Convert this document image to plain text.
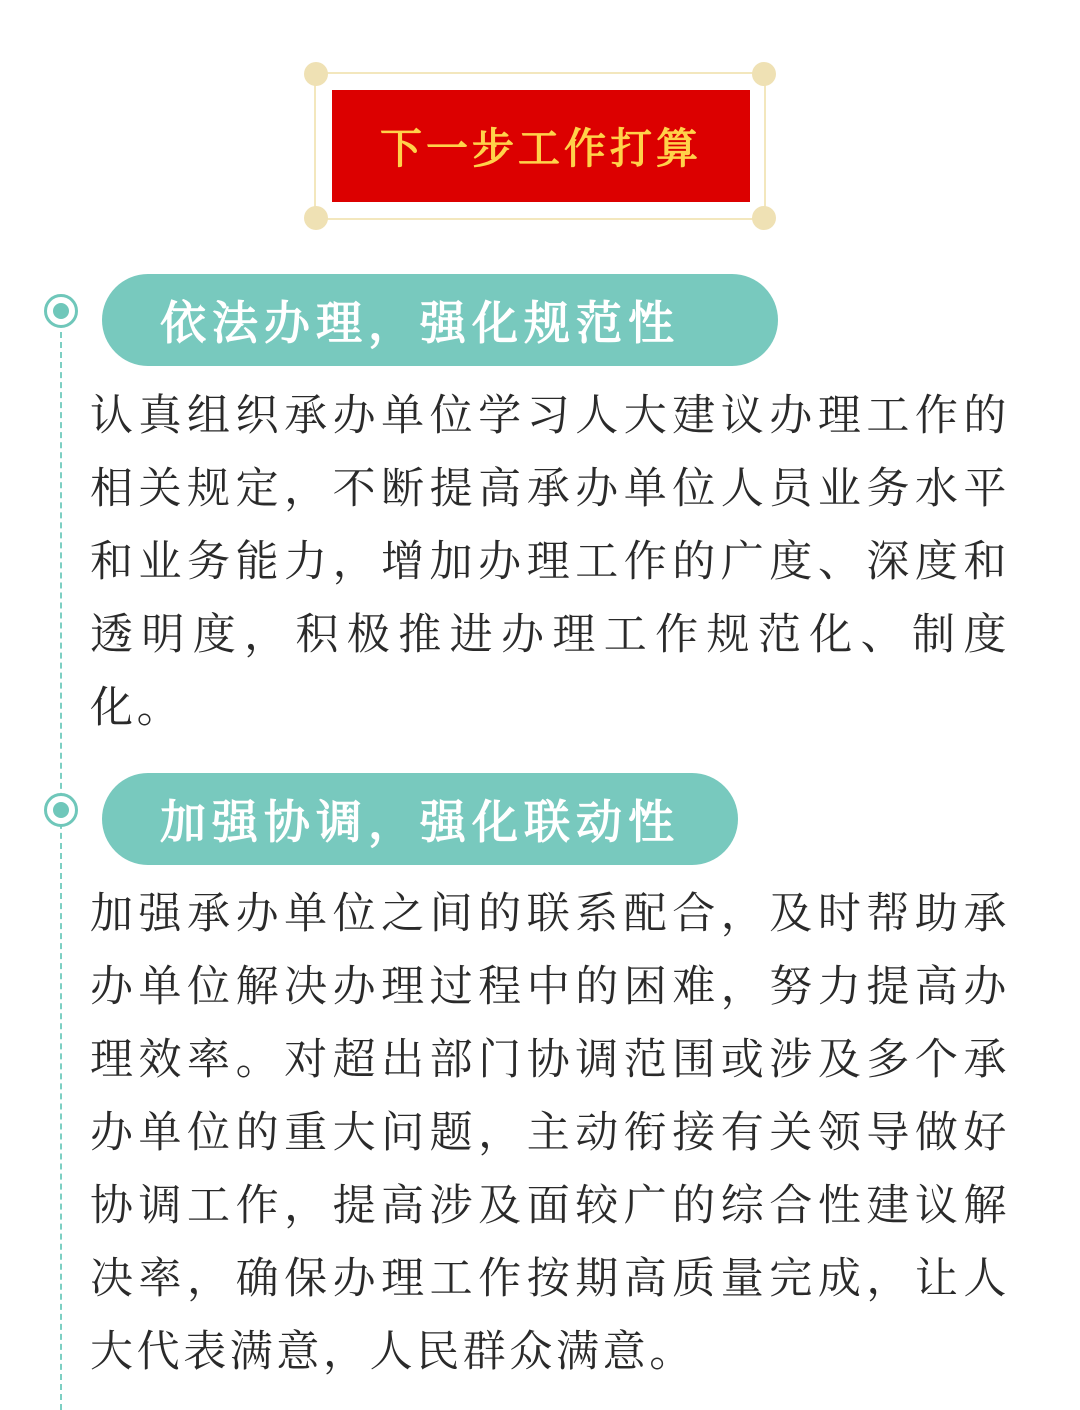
下一步工作打算
依法办理，强化规范性

认真组织承办单位学习人大建议办理工作的相关规定，不断提高承办单位人员业务水平和业务能力，增加办理工作的广度、深度和透明度，积极推进办理工作规范化、制度化。

加强协调，强化联动性

加强承办单位之间的联系配合，及时帮助承办单位解决办理过程中的困难，努力提高办理效率。对超出部门协调范围或涉及多个承办单位的重大问题，主动衔接有关领导做好协调工作，提高涉及面较广的综合性建议解决率，确保办理工作按期高质量完成，让人大代表满意，人民群众满意。
